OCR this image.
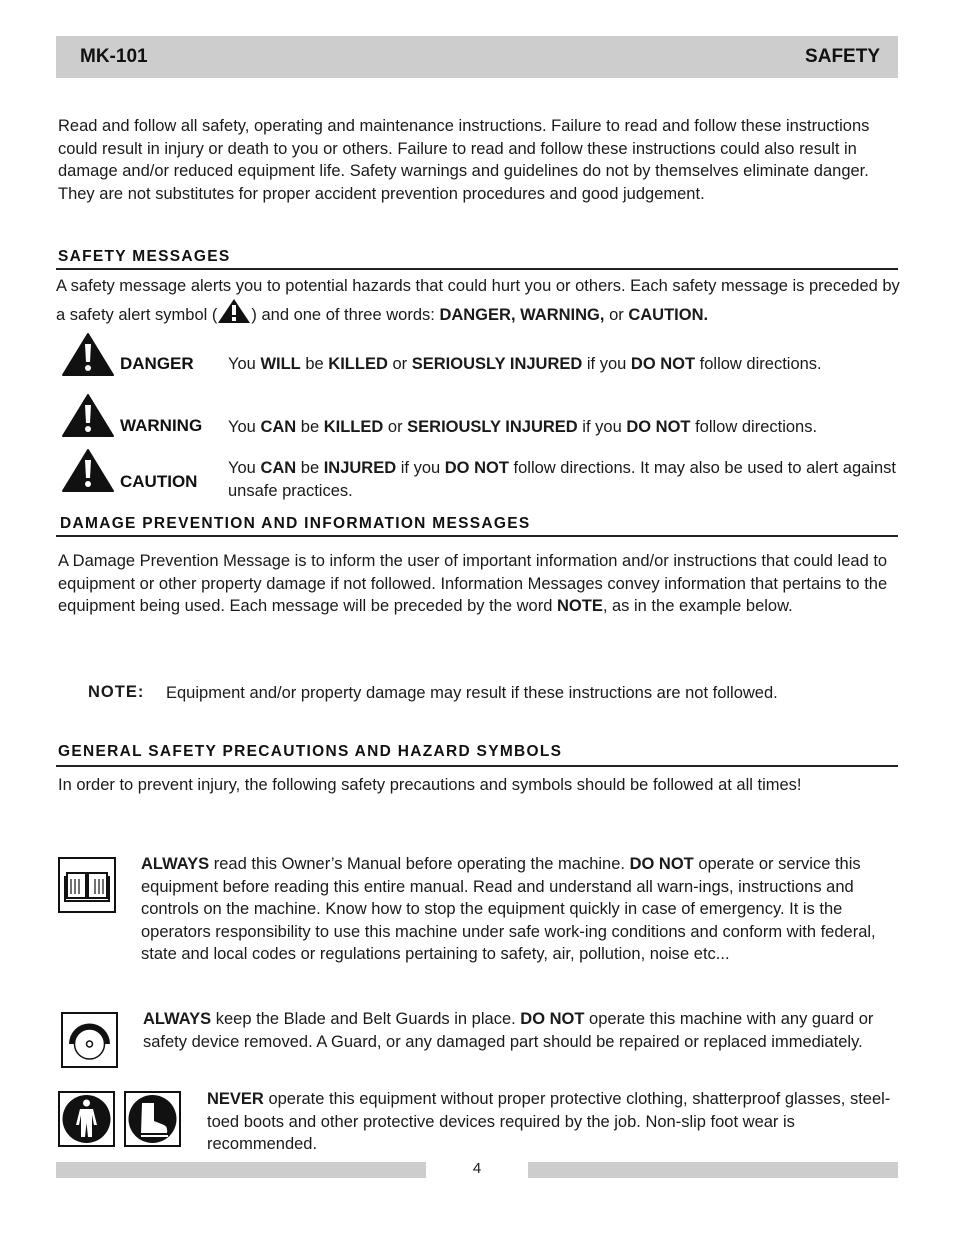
MK-101	SAFETY
Read and follow all safety, operating and maintenance instructions. Failure to read and follow these instructions could result in injury or death to you or others. Failure to read and follow these instructions could also result in damage and/or reduced equipment life. Safety warnings and guidelines do not by themselves eliminate danger. They are not substitutes for proper accident prevention procedures and good judgement.
SAFETY MESSAGES
A safety message alerts you to potential hazards that could hurt you or others. Each safety message is preceded by a safety alert symbol ( ) and one of three words: DANGER, WARNING, or CAUTION.
DANGER You WILL be KILLED or SERIOUSLY INJURED if you DO NOT follow directions.
WARNING You CAN be KILLED or SERIOUSLY INJURED if you DO NOT follow directions.
CAUTION
You CAN be INJURED if you DO NOT follow directions. It may also be used to alert against unsafe practices.
DAMAGE PREVENTION AND INFORMATION MESSAGES
A Damage Prevention Message is to inform the user of important information and/or instructions that could lead to equipment or other property damage if not followed. Information Messages convey information that pertains to the equipment being used. Each message will be preceded by the word NOTE, as in the example below.
NOTE: Equipment and/or property damage may result if these instructions are not followed.
GENERAL SAFETY PRECAUTIONS AND HAZARD SYMBOLS
In order to prevent injury, the following safety precautions and symbols should be followed at all times!
ALWAYS read this Owner’s Manual before operating the machine. DO NOT operate or service this equipment before reading this entire manual. Read and understand all warn-ings, instructions and controls on the machine. Know how to stop the equipment quickly in case of emergency. It is the operators responsibility to use this machine under safe work-ing conditions and conform with federal, state and local codes or regulations pertaining to safety, air, pollution, noise etc...
ALWAYS keep the Blade and Belt Guards in place. DO NOT operate this machine with any guard or safety device removed. A Guard, or any damaged part should be repaired or replaced immediately.
NEVER operate this equipment without proper protective clothing, shatterproof glasses, steel-toed boots and other protective devices required by the job. Non-slip foot wear is recommended.
4
